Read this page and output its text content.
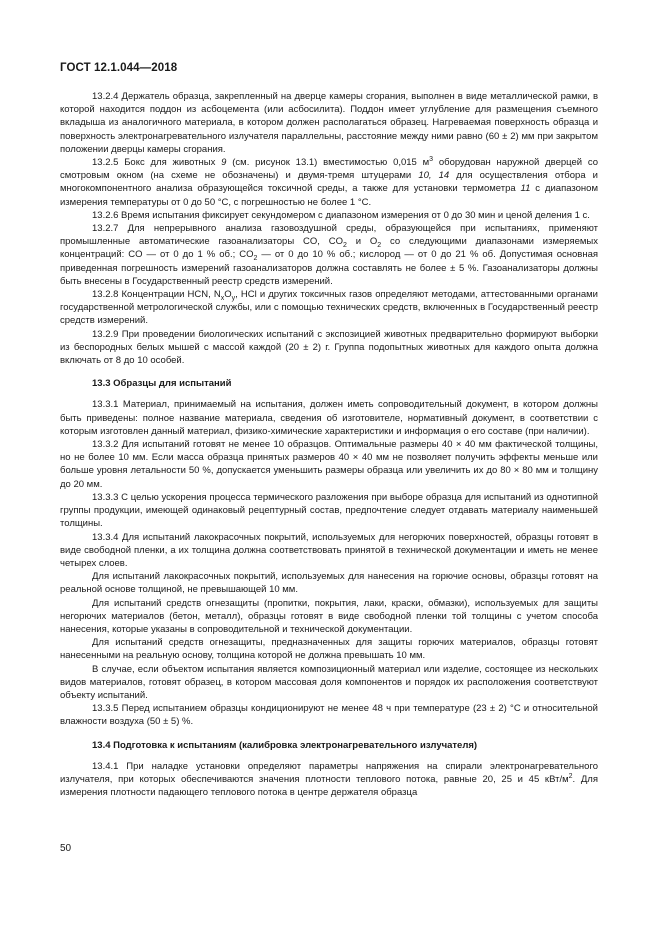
ГОСТ 12.1.044—2018

13.2.4 Держатель образца, закрепленный на дверце камеры сгорания, выполнен в виде металлической рамки, в которой находится поддон из асбоцемента (или асбосилита). Поддон имеет углубление для размещения съемного вкладыша из аналогичного материала, в котором должен располагаться образец. Нагреваемая поверхность образца и поверхность электронагревательного излучателя параллельны, расстояние между ними равно (60 ± 2) мм при закрытом положении дверцы камеры сгорания.

13.2.5 Бокс для животных 9 (см. рисунок 13.1) вместимостью 0,015 $м^3$ оборудован наружной дверцей со смотровым окном (на схеме не обозначены) и двумя-тремя штуцерами 10, 14 для осуществления отбора и многокомпонентного анализа образующейся токсичной среды, а также для установки термометра 11 с диапазоном измерения температуры от 0 до 50 °C, с погрешностью не более 1 °C.

13.2.6 Время испытания фиксирует секундомером с диапазоном измерения от 0 до 30 мин и ценой деления 1 с.

13.2.7 Для непрерывного анализа газовоздушной среды, образующейся при испытаниях, применяют промышленные автоматические газоанализаторы CO, $CO_2$ и $O_2$ со следующими диапазонами измеряемых концентраций: CO — от 0 до 1 % об.; $CO_2$ — от 0 до 10 % об.; кислород — от 0 до 21 % об. Допустимая основная приведенная погрешность измерений газоанализаторов должна составлять не более ± 5 %. Газоанализаторы должны быть внесены в Государственный реестр средств измерений.

13.2.8 Концентрации HCN, $N_xO_y$, HCl и других токсичных газов определяют методами, аттестованными органами государственной метрологической службы, или с помощью технических средств, включенных в Государственный реестр средств измерений.

13.2.9 При проведении биологических испытаний с экспозицией животных предварительно формируют выборки из беспородных белых мышей с массой каждой (20 ± 2) г. Группа подопытных животных для каждого опыта должна включать от 8 до 10 особей.

13.3 Образцы для испытаний

13.3.1 Материал, принимаемый на испытания, должен иметь сопроводительный документ, в котором должны быть приведены: полное название материала, сведения об изготовителе, нормативный документ, в соответствии с которым изготовлен данный материал, физико-химические характеристики и информация о его составе (при наличии).

13.3.2 Для испытаний готовят не менее 10 образцов. Оптимальные размеры 40 × 40 мм фактической толщины, но не более 10 мм. Если масса образца принятых размеров 40 × 40 мм не позволяет получить эффекты меньше или больше уровня летальности 50 %, допускается уменьшить размеры образца или увеличить их до 80 × 80 мм и толщину до 20 мм.

13.3.3 С целью ускорения процесса термического разложения при выборе образца для испытаний из однотипной группы продукции, имеющей одинаковый рецептурный состав, предпочтение следует отдавать материалу наименьшей толщины.

13.3.4 Для испытаний лакокрасочных покрытий, используемых для негорючих поверхностей, образцы готовят в виде свободной пленки, а их толщина должна соответствовать принятой в технической документации и иметь не менее четырех слоев.

Для испытаний лакокрасочных покрытий, используемых для нанесения на горючие основы, образцы готовят на реальной основе толщиной, не превышающей 10 мм.

Для испытаний средств огнезащиты (пропитки, покрытия, лаки, краски, обмазки), используемых для защиты негорючих материалов (бетон, металл), образцы готовят в виде свободной пленки той толщины с учетом способа нанесения, которые указаны в сопроводительной и технической документации.

Для испытаний средств огнезащиты, предназначенных для защиты горючих материалов, образцы готовят нанесенными на реальную основу, толщина которой не должна превышать 10 мм.

В случае, если объектом испытания является композиционный материал или изделие, состоящее из нескольких видов материалов, готовят образец, в котором массовая доля компонентов и порядок их расположения соответствуют объекту испытаний.

13.3.5 Перед испытанием образцы кондиционируют не менее 48 ч при температуре (23 ± 2) °C и относительной влажности воздуха (50 ± 5) %.

13.4 Подготовка к испытаниям (калибровка электронагревательного излучателя)

13.4.1 При наладке установки определяют параметры напряжения на спирали электронагревательного излучателя, при которых обеспечиваются значения плотности теплового потока, равные 20, 25 и 45 кВт/$м^2$. Для измерения плотности падающего теплового потока в центре держателя образца

50
